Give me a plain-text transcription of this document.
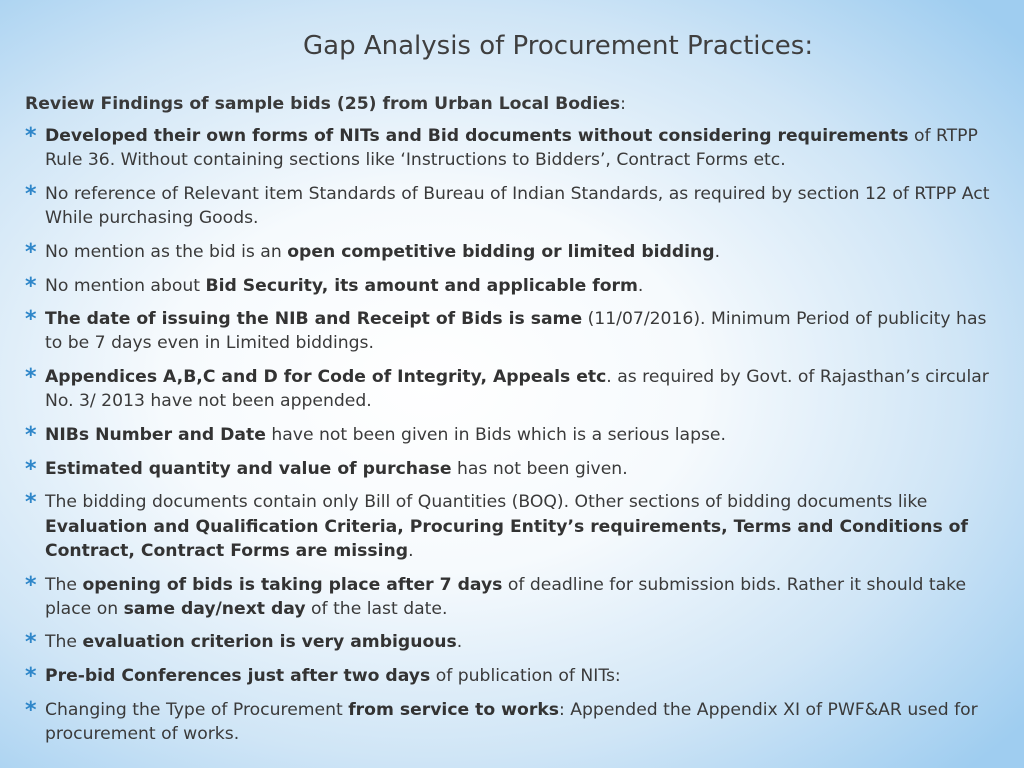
Gap Analysis of Procurement Practices:
Review Findings of sample bids (25) from Urban Local Bodies:
* Developed their own forms of NITs and Bid documents without considering requirements of RTPP Rule 36. Without containing sections like ‘Instructions to Bidders’, Contract Forms etc.
* No reference of Relevant item Standards of Bureau of Indian Standards, as required by section 12 of RTPP Act While purchasing Goods.
* No mention as the bid is an open competitive bidding or limited bidding.
* No mention about Bid Security, its amount and applicable form.
* The date of issuing the NIB and Receipt of Bids is same (11/07/2016). Minimum Period of publicity has to be 7 days even in Limited biddings.
* Appendices A,B,C and D for Code of Integrity, Appeals etc. as required by Govt. of Rajasthan’s circular No. 3/ 2013 have not been appended.
* NIBs Number and Date have not been given in Bids which is a serious lapse.
* Estimated quantity and value of purchase has not been given.
* The bidding documents contain only Bill of Quantities (BOQ). Other sections of bidding documents like Evaluation and Qualification Criteria, Procuring Entity’s requirements, Terms and Conditions of Contract, Contract Forms are missing.
* The opening of bids is taking place after 7 days of deadline for submission bids. Rather it should take place on same day/next day of the last date.
* The evaluation criterion is very ambiguous.
* Pre-bid Conferences just after two days of publication of NITs:
* Changing the Type of Procurement from service to works: Appended the Appendix XI of PWF&AR used for procurement of works.
